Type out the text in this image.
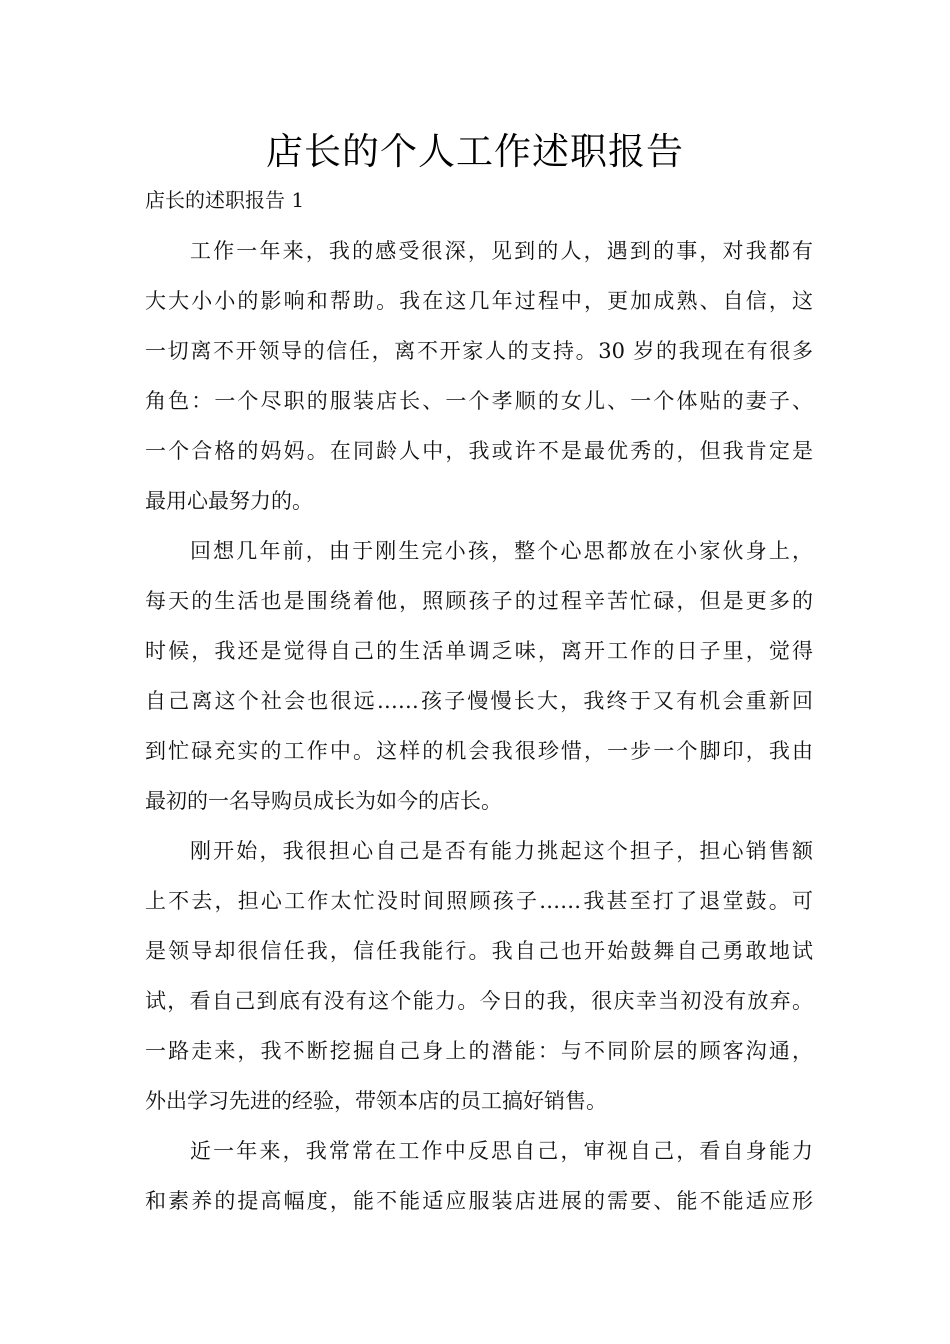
店长的个人工作述职报告
店长的述职报告 1
工作一年来，我的感受很深，见到的人，遇到的事，对我都有
大大小小的影响和帮助。我在这几年过程中，更加成熟、自信，这
一切离不开领导的信任，离不开家人的支持。30 岁的我现在有很多
角色：一个尽职的服装店长、一个孝顺的女儿、一个体贴的妻子、
一个合格的妈妈。在同龄人中，我或许不是最优秀的，但我肯定是
最用心最努力的。
回想几年前，由于刚生完小孩，整个心思都放在小家伙身上，
每天的生活也是围绕着他，照顾孩子的过程辛苦忙碌，但是更多的
时候，我还是觉得自己的生活单调乏味，离开工作的日子里，觉得
自己离这个社会也很远……孩子慢慢长大，我终于又有机会重新回
到忙碌充实的工作中。这样的机会我很珍惜，一步一个脚印，我由
最初的一名导购员成长为如今的店长。
刚开始，我很担心自己是否有能力挑起这个担子，担心销售额
上不去，担心工作太忙没时间照顾孩子……我甚至打了退堂鼓。可
是领导却很信任我，信任我能行。我自己也开始鼓舞自己勇敢地试
试，看自己到底有没有这个能力。今日的我，很庆幸当初没有放弃。
一路走来，我不断挖掘自己身上的潜能：与不同阶层的顾客沟通，
外出学习先进的经验，带领本店的员工搞好销售。
近一年来，我常常在工作中反思自己，审视自己，看自身能力
和素养的提高幅度，能不能适应服装店进展的需要、能不能适应形
